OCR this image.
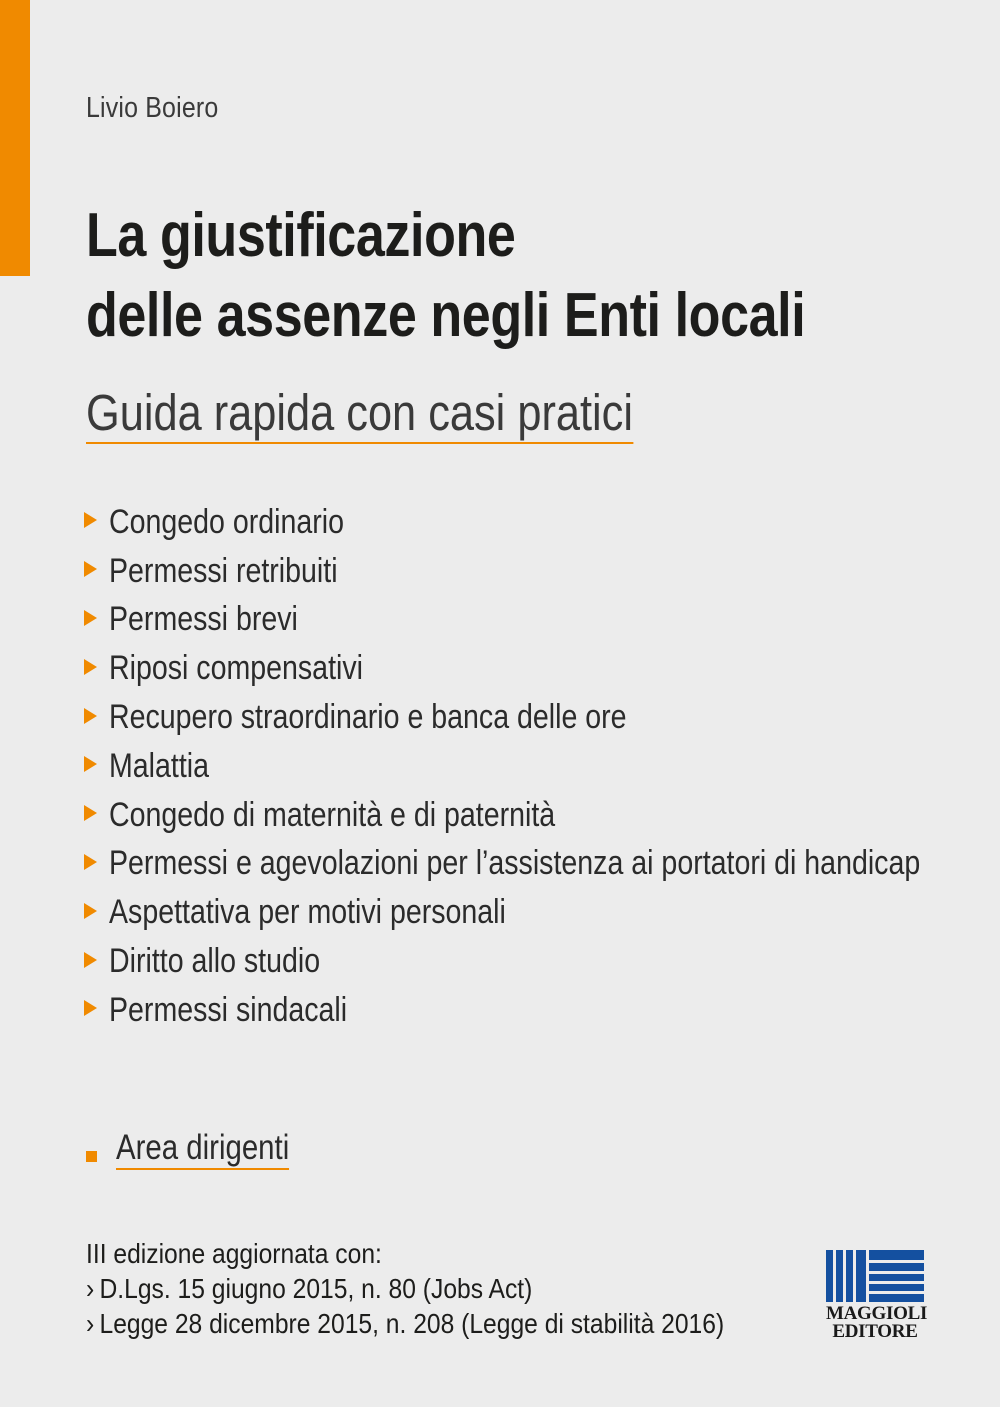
Livio Boiero
La giustificazione
delle assenze negli Enti locali
Guida rapida con casi pratici
Congedo ordinario
Permessi retribuiti
Permessi brevi
Riposi compensativi
Recupero straordinario e banca delle ore
Malattia
Congedo di maternità e di paternità
Permessi e agevolazioni per l’assistenza ai portatori di handicap
Aspettativa per motivi personali
Diritto allo studio
Permessi sindacali
Area dirigenti
III edizione aggiornata con:
› D.Lgs. 15 giugno 2015, n. 80 (Jobs Act)
› Legge 28 dicembre 2015, n. 208 (Legge di stabilità 2016)	MAGGIOLI
EDITORE
